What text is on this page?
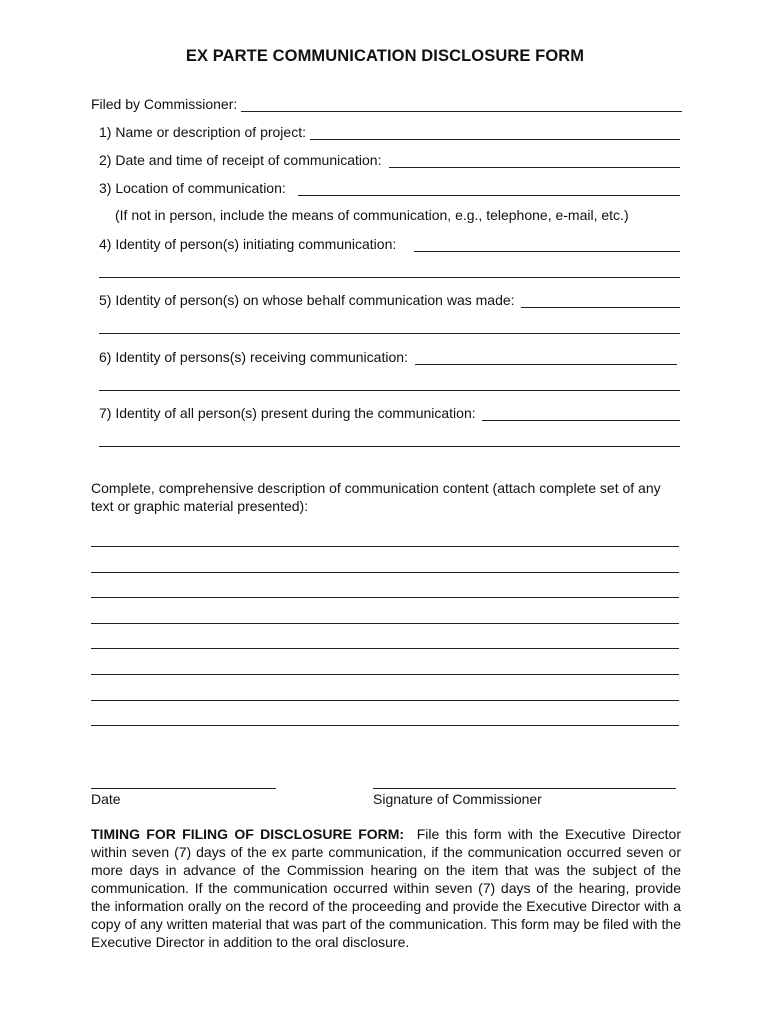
EX PARTE COMMUNICATION DISCLOSURE FORM
Filed by Commissioner:
1) Name or description of project:
2) Date and time of receipt of communication:
3) Location of communication:
(If not in person, include the means of communication, e.g., telephone, e-mail, etc.)
4) Identity of person(s) initiating communication:
5) Identity of person(s) on whose behalf communication was made:
6) Identity of persons(s) receiving communication:
7) Identity of all person(s) present during the communication:
Complete, comprehensive description of communication content (attach complete set of any text or graphic material presented):
Date	Signature of Commissioner
TIMING FOR FILING OF DISCLOSURE FORM: File this form with the Executive Director within seven (7) days of the ex parte communication, if the communication occurred seven or more days in advance of the Commission hearing on the item that was the subject of the communication. If the communication occurred within seven (7) days of the hearing, provide the information orally on the record of the proceeding and provide the Executive Director with a copy of any written material that was part of the communication. This form may be filed with the Executive Director in addition to the oral disclosure.
